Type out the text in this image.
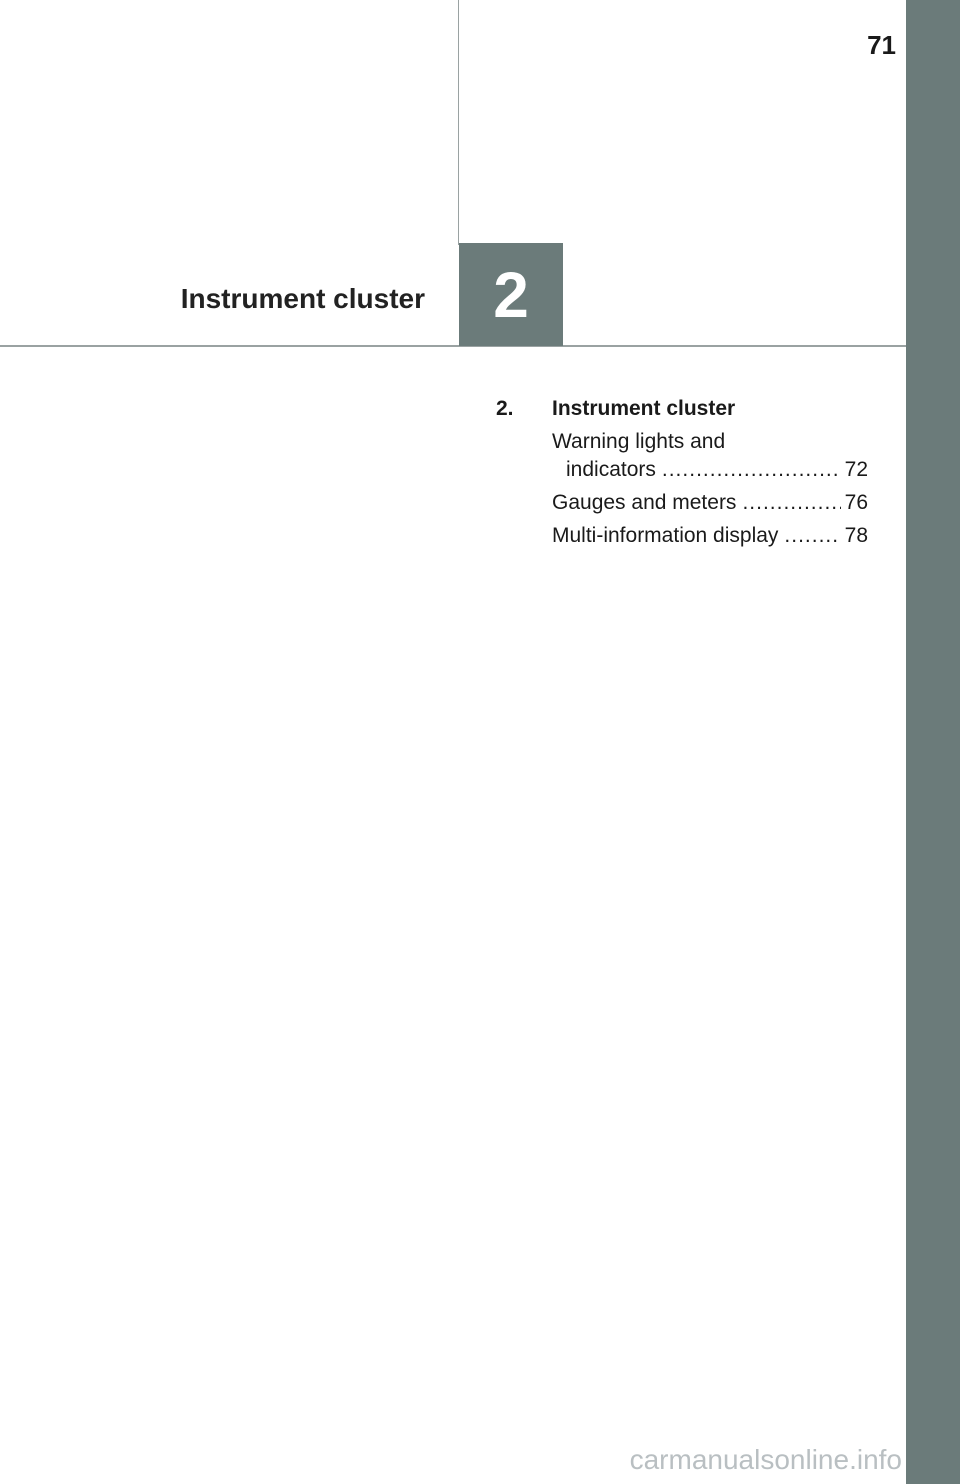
71
Instrument cluster 2
2.	Instrument cluster
Warning lights and
indicators .....	72
Gauges and meters .....	76
Multi-information display .....	78
carmanualsonline.info
